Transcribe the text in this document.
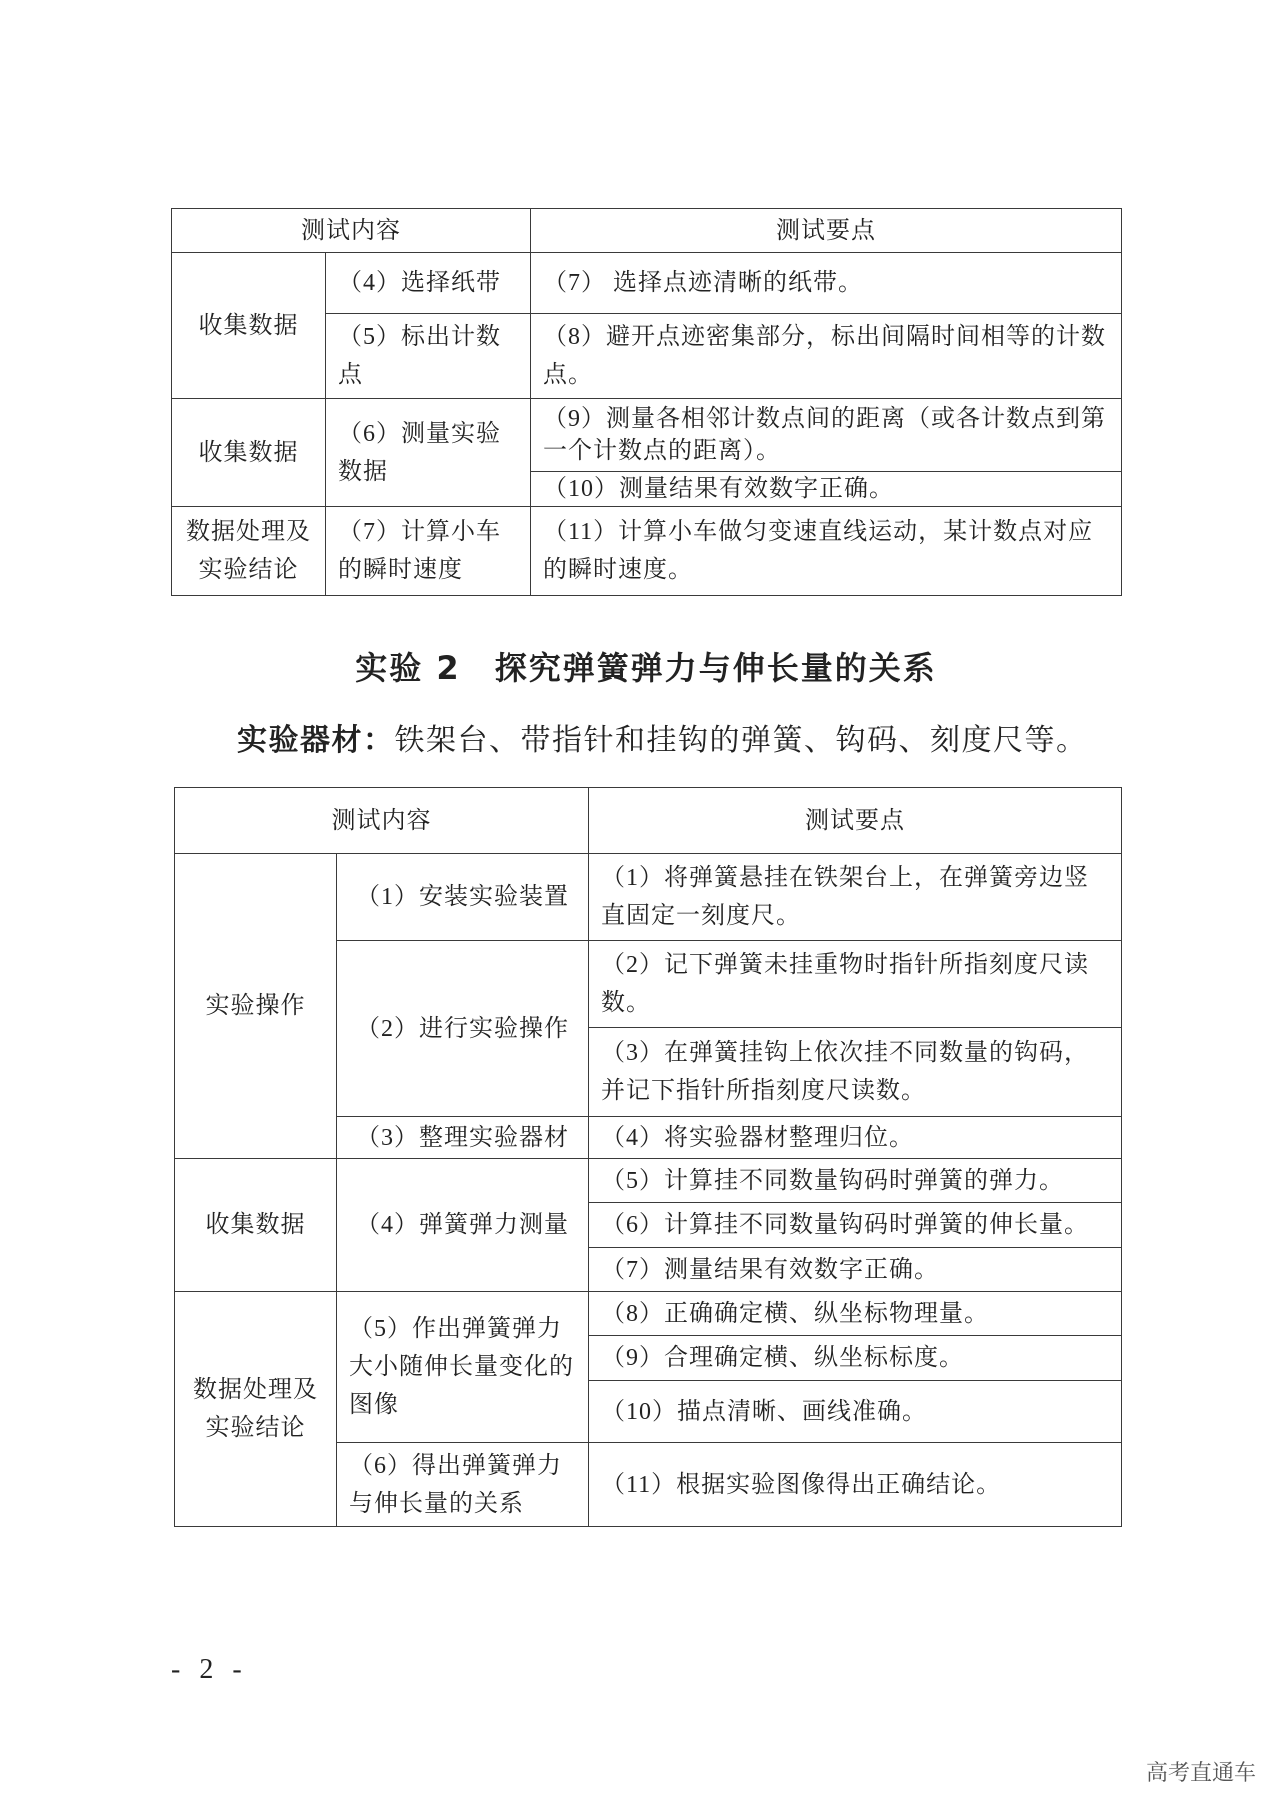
测试内容		测试要点
收集数据	（4）选择纸带	（7） 选择点迹清晰的纸带。
	（5）标出计数点	（8）避开点迹密集部分，标出间隔时间相等的计数点。
收集数据	（6）测量实验数据	（9）测量各相邻计数点间的距离（或各计数点到第一个计数点的距离）。
		（10）测量结果有效数字正确。
数据处理及实验结论	（7）计算小车的瞬时速度	（11）计算小车做匀变速直线运动，某计数点对应的瞬时速度。
实验 2　探究弹簧弹力与伸长量的关系
实验器材：铁架台、带指针和挂钩的弹簧、钩码、刻度尺等。
测试内容		测试要点
实验操作	（1）安装实验装置	（1）将弹簧悬挂在铁架台上，在弹簧旁边竖直固定一刻度尺。
	（2）进行实验操作	（2）记下弹簧未挂重物时指针所指刻度尺读数。
		（3）在弹簧挂钩上依次挂不同数量的钩码，并记下指针所指刻度尺读数。
	（3）整理实验器材	（4）将实验器材整理归位。
收集数据	（4）弹簧弹力测量	（5）计算挂不同数量钩码时弹簧的弹力。
		（6）计算挂不同数量钩码时弹簧的伸长量。
		（7）测量结果有效数字正确。
数据处理及实验结论	（5）作出弹簧弹力大小随伸长量变化的图像	（8）正确确定横、纵坐标物理量。
		（9）合理确定横、纵坐标标度。
		（10）描点清晰、画线准确。
	（6）得出弹簧弹力与伸长量的关系	（11）根据实验图像得出正确结论。
- 2 -
高考直通车
